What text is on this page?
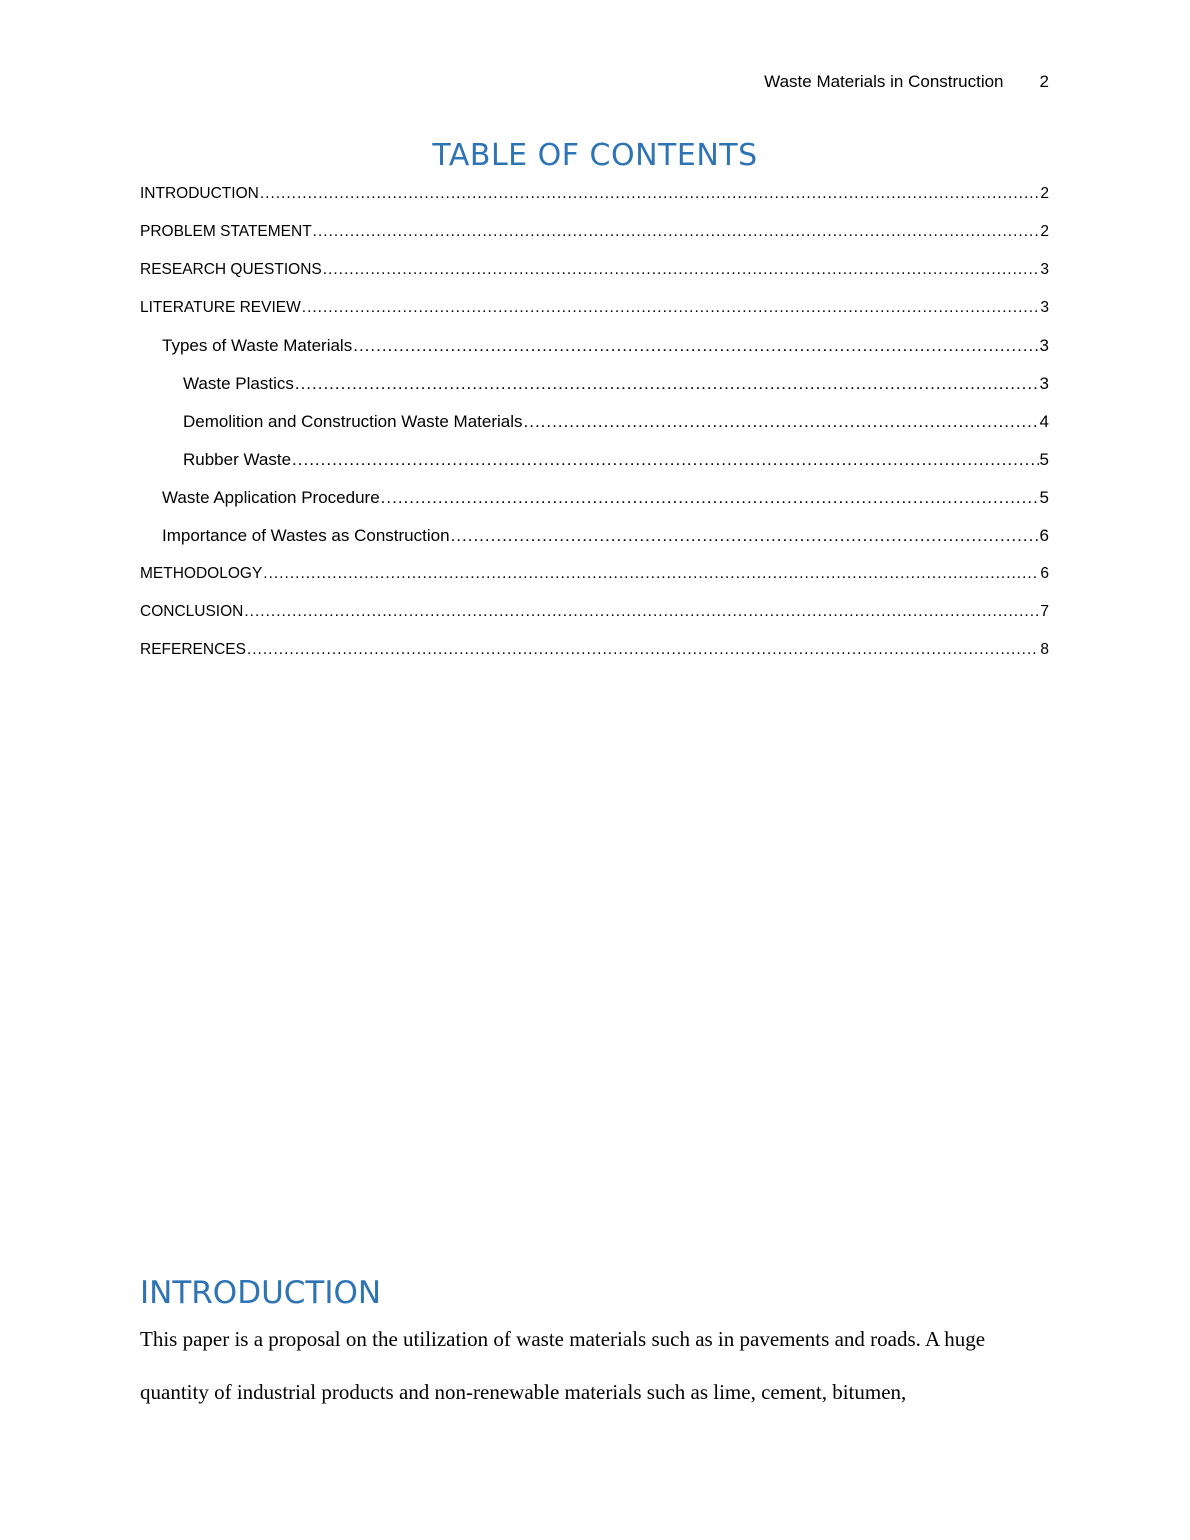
Waste Materials in Construction 2
TABLE OF CONTENTS
INTRODUCTION .....	2
PROBLEM STATEMENT .....	2
RESEARCH QUESTIONS .....	3
LITERATURE REVIEW .....	3
Types of Waste Materials .....	3
Waste Plastics .....	3
Demolition and Construction Waste Materials .....	4
Rubber Waste .....	5
Waste Application Procedure .....	5
Importance of Wastes as Construction .....	6
METHODOLOGY .....	6
CONCLUSION .....	7
REFERENCES .....	8
INTRODUCTION

This paper is a proposal on the utilization of waste materials such as in pavements and roads. A huge quantity of industrial products and non-renewable materials such as lime, cement, bitumen,
